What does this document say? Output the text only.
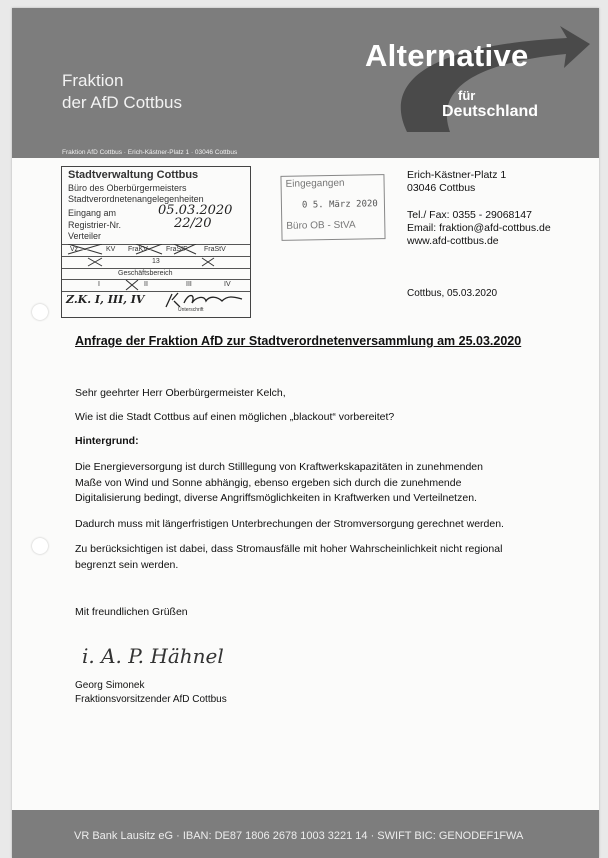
Fraktion
der AfD Cottbus
Alternative
für
Deutschland
Fraktion AfD Cottbus · Erich-Kästner-Platz 1 · 03046 Cottbus
Stadtverwaltung Cottbus
Büro des Oberbürgermeisters
Stadtverordnetenangelegenheiten
Eingang am	05.03.2020
Registrier-Nr.	22/20
Verteiler
Vz	KV FraKV	FraSIF FraStV
13
Geschäftsbereich
I	II	III	IV
Z.K. I, III, IV
Unterschrift
Eingegangen
0 5. März 2020
Büro OB - StVA
Erich-Kästner-Platz 1
03046 Cottbus
Tel./ Fax: 0355 - 29068147
Email: fraktion@afd-cottbus.de
www.afd-cottbus.de
Cottbus, 05.03.2020
Anfrage der Fraktion AfD zur Stadtverordnetenversammlung am 25.03.2020
Sehr geehrter Herr Oberbürgermeister Kelch,
Wie ist die Stadt Cottbus auf einen möglichen „blackout“ vorbereitet?
Hintergrund:
Die Energieversorgung ist durch Stilllegung von Kraftwerkskapazitäten in zunehmenden
Maße von Wind und Sonne abhängig, ebenso ergeben sich durch die zunehmende
Digitalisierung bedingt, diverse Angriffsmöglichkeiten in Kraftwerken und Verteilnetzen.
Dadurch muss mit längerfristigen Unterbrechungen der Stromversorgung gerechnet werden.
Zu berücksichtigen ist dabei, dass Stromausfälle mit hoher Wahrscheinlichkeit nicht regional
begrenzt sein werden.
Mit freundlichen Grüßen
i. A. P. Hähnel
Georg Simonek
Fraktionsvorsitzender AfD Cottbus
VR Bank Lausitz eG · IBAN: DE87 1806 2678 1003 3221 14 · SWIFT BIC: GENODEF1FWA
